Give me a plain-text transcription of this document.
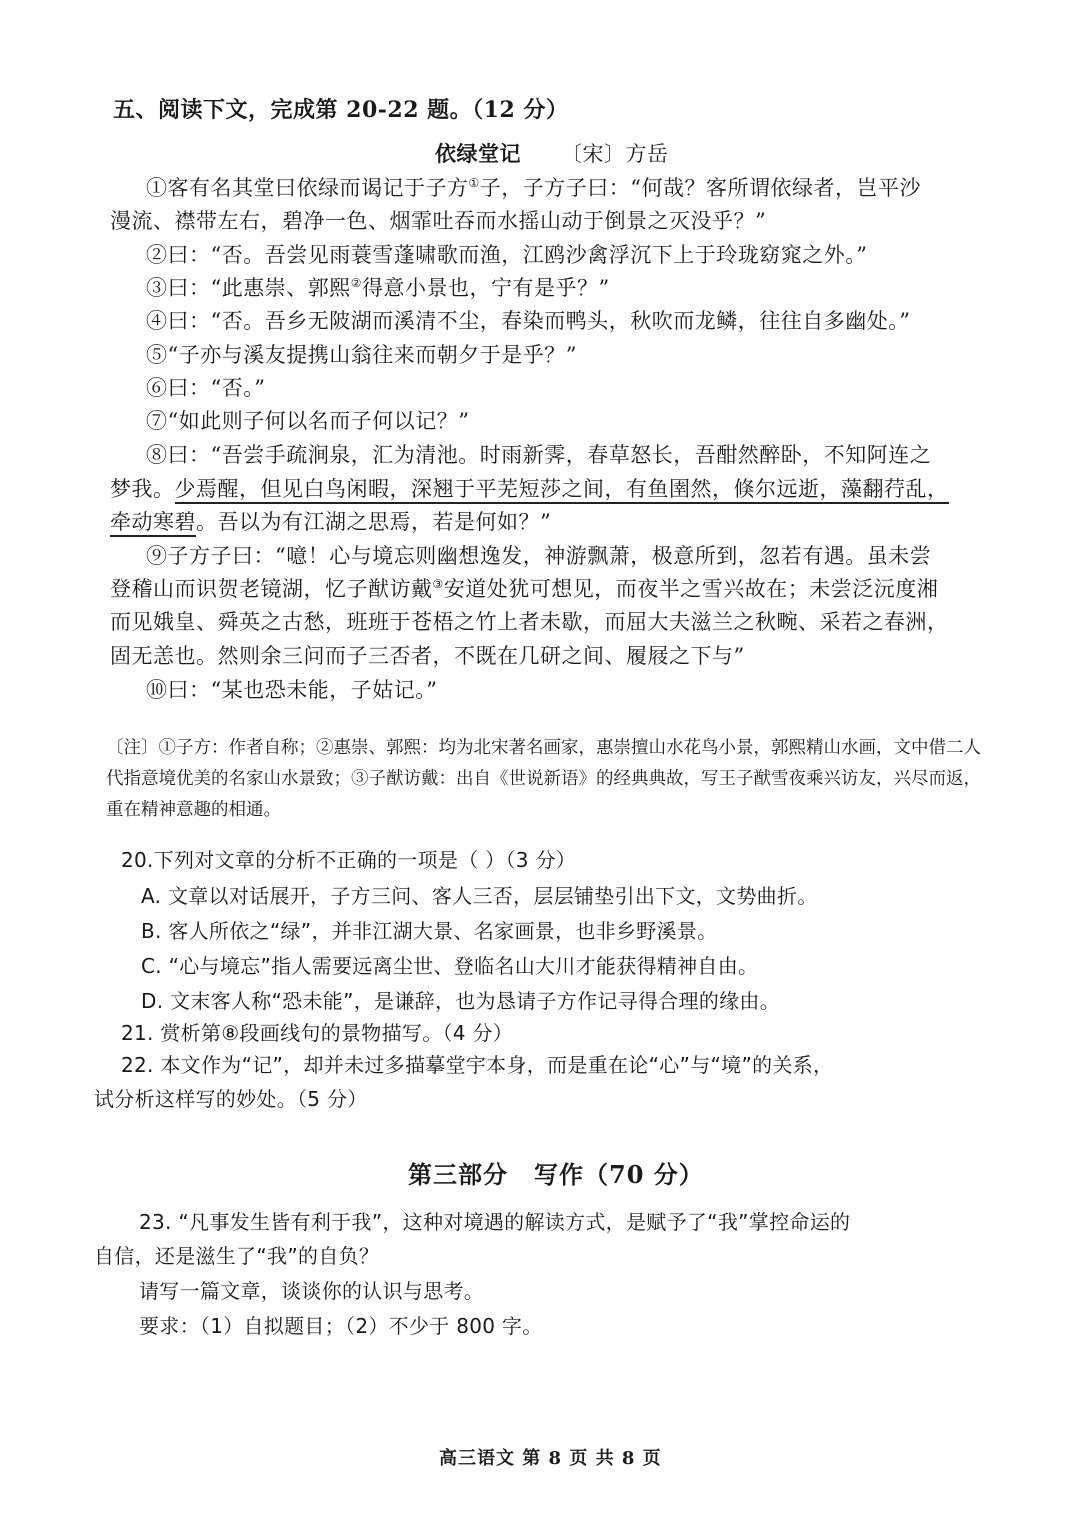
五、阅读下文，完成第 20-22 题。（12 分）
依绿堂记 〔宋〕方岳
①客有名其堂曰依绿而谒记于子方①子，子方子曰：“何哉？客所谓依绿者，岂平沙
漫流、襟带左右，碧净一色、烟霏吐吞而水摇山动于倒景之灭没乎？”
②曰：“否。吾尝见雨蓑雪蓬啸歌而渔，江鸥沙禽浮沉下上于玲珑窈窕之外。”
③曰：“此惠崇、郭熙②得意小景也，宁有是乎？”
④曰：“否。吾乡无陂湖而溪清不尘，春染而鸭头，秋吹而龙鳞，往往自多幽处。”
⑤“子亦与溪友提携山翁往来而朝夕于是乎？”
⑥曰：“否。”
⑦“如此则子何以名而子何以记？”
⑧曰：“吾尝手疏涧泉，汇为清池。时雨新霁，春草怒长，吾酣然醉卧，不知阿连之
梦我。少焉醒，但见白鸟闲暇，深翘于平芜短莎之间，有鱼圉然，倏尔远逝，藻翻荇乱，
牵动寒碧。吾以为有江湖之思焉，若是何如？”
⑨子方子曰：“噫！心与境忘则幽想逸发，神游飘萧，极意所到，忽若有遇。虽未尝
登稽山而识贺老镜湖，忆子猷访戴③安道处犹可想见，而夜半之雪兴故在；未尝泛沅度湘
而见娥皇、舜英之古愁，班班于苍梧之竹上者未歇，而屈大夫滋兰之秋畹、采若之春洲，
固无恙也。然则余三问而子三否者，不既在几研之间、履屐之下与”
⑩曰：“某也恐未能，子姑记。”
〔注〕①子方：作者自称；②惠崇、郭熙：均为北宋著名画家，惠崇擅山水花鸟小景，郭熙精山水画，文中借二人代指意境优美的名家山水景致；③子猷访戴：出自《世说新语》的经典典故，写王子猷雪夜乘兴访友，兴尽而返，重在精神意趣的相通。
20.下列对文章的分析不正确的一项是（ ）（3 分）
A. 文章以对话展开，子方三问、客人三否，层层铺垫引出下文，文势曲折。
B. 客人所依之“绿”，并非江湖大景、名家画景，也非乡野溪景。
C. “心与境忘”指人需要远离尘世、登临名山大川才能获得精神自由。
D. 文末客人称“恐未能”，是谦辞，也为恳请子方作记寻得合理的缘由。
21. 赏析第⑧段画线句的景物描写。（4 分）
22. 本文作为“记”，却并未过多描摹堂宇本身，而是重在论“心”与“境”的关系，
试分析这样写的妙处。（5 分）
第三部分 写作（70 分）
23. “凡事发生皆有利于我”，这种对境遇的解读方式，是赋予了“我”掌控命运的
自信，还是滋生了“我”的自负？
请写一篇文章，谈谈你的认识与思考。
要求：（1）自拟题目；（2）不少于 800 字。
高三语文 第 8 页 共 8 页
